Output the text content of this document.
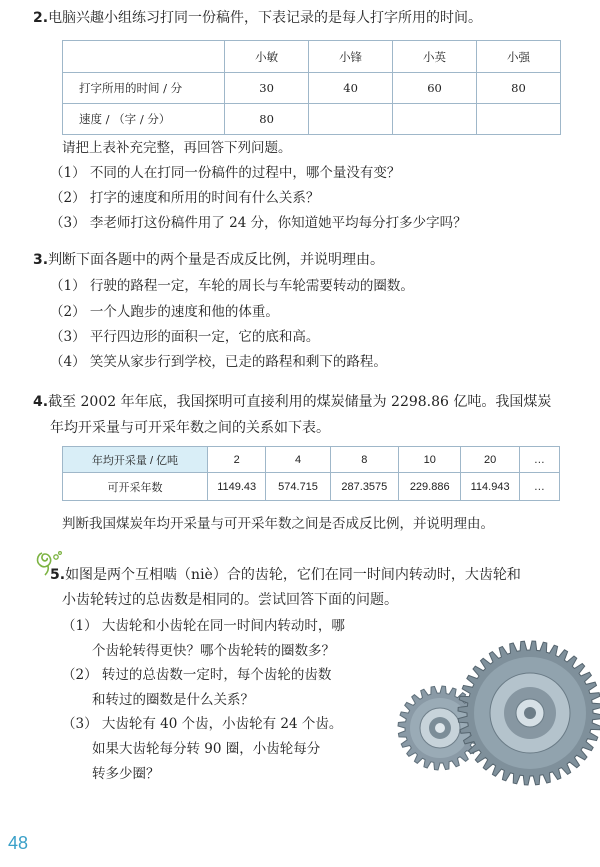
2.电脑兴趣小组练习打同一份稿件，下表记录的是每人打字所用的时间。
	小敏	小锋	小英	小强
打字所用的时间 / 分	30	40	60	80
速度 / （字 / 分）	80			
请把上表补充完整，再回答下列问题。
（1） 不同的人在打同一份稿件的过程中，哪个量没有变？
（2） 打字的速度和所用的时间有什么关系？
（3） 李老师打这份稿件用了 24 分，你知道她平均每分打多少字吗？
3.判断下面各题中的两个量是否成反比例，并说明理由。
（1） 行驶的路程一定，车轮的周长与车轮需要转动的圈数。
（2） 一个人跑步的速度和他的体重。
（3） 平行四边形的面积一定，它的底和高。
（4） 笑笑从家步行到学校，已走的路程和剩下的路程。
4.截至 2002 年年底，我国探明可直接利用的煤炭储量为 2298.86 亿吨。我国煤炭
年均开采量与可开采年数之间的关系如下表。
年均开采量 / 亿吨	2	4	8	10	20	…
可开采年数	1149.43	574.715	287.3575	229.886	114.943	…
判断我国煤炭年均开采量与可开采年数之间是否成反比例，并说明理由。
5.如图是两个互相啮（niè）合的齿轮，它们在同一时间内转动时，大齿轮和
小齿轮转过的总齿数是相同的。尝试回答下面的问题。
（1） 大齿轮和小齿轮在同一时间内转动时，哪
个齿轮转得更快？哪个齿轮转的圈数多？
（2） 转过的总齿数一定时，每个齿轮的齿数
和转过的圈数是什么关系？
（3） 大齿轮有 40 个齿，小齿轮有 24 个齿。
如果大齿轮每分转 90 圈，小齿轮每分
转多少圈？
48
